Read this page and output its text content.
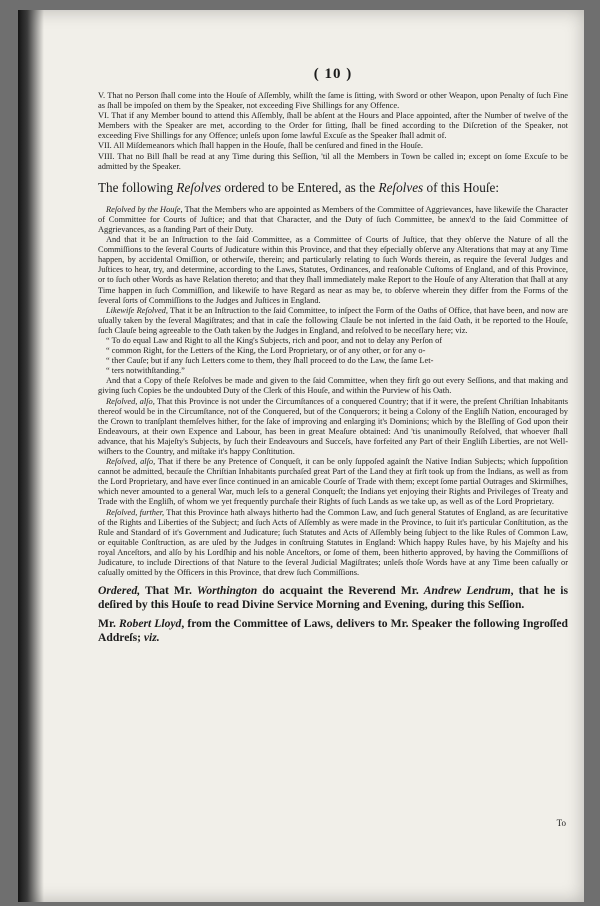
( 10 )

V. That no Person ſhall come into the Houſe of Aſſembly, whilſt the ſame is ſitting, with Sword or other Weapon, upon Penalty of ſuch Fine as ſhall be impoſed on them by the Speaker, not exceeding Five Shillings for any Offence.

VI. That if any Member bound to attend this Aſſembly, ſhall be abſent at the Hours and Place appointed, after the Number of twelve of the Members with the Speaker are met, according to the Order for ſitting, ſhall be fined according to the Diſcretion of the Speaker, not exceeding Five Shillings for any Offence; unleſs upon ſome lawful Excuſe as the Speaker ſhall admit of.

VII. All Miſdemeanors which ſhall happen in the Houſe, ſhall be cenſured and fined in the Houſe.

VIII. That no Bill ſhall be read at any Time during this Seſſion, 'til all the Members in Town be called in; except on ſome Excuſe to be admitted by the Speaker.

The following Reſolves ordered to be Entered, as the Reſolves of this Houſe:

Reſolved by the Houſe, That the Members who are appointed as Members of the Committee of Aggrievances, have likewiſe the Character of Committee for Courts of Juſtice; and that that Character, and the Duty of ſuch Committee, be annex'd to the ſaid Committee of Aggrievances, as a ſtanding Part of their Duty.

And that it be an Inſtruction to the ſaid Committee, as a Committee of Courts of Juſtice, that they obſerve the Nature of all the Commiſſions to the ſeveral Courts of Judicature within this Province, and that they eſpecially obſerve any Alterations that may at any Time happen, by accidental Omiſſion, or otherwiſe, therein; and particularly relating to ſuch Words therein, as require the ſeveral Judges and Juſtices to hear, try, and determine, according to the Laws, Statutes, Ordinances, and reaſonable Cuſtoms of England, and of this Province, or to ſuch other Words as have Relation thereto; and that they ſhall immediately make Report to the Houſe of any Alteration that ſhall at any Time happen in ſuch Commiſſion, and likewiſe to have Regard as near as may be, to obſerve wherein they differ from the Forms of the ſeveral ſorts of Commiſſions to the Judges and Juſtices in England.

Likewiſe Reſolved, That it be an Inſtruction to the ſaid Committee, to inſpect the Form of the Oaths of Office, that have been, and now are uſually taken by the ſeveral Magiſtrates; and that in caſe the following Clauſe be not inſerted in the ſaid Oath, it be reported to the Houſe, ſuch Clauſe being agreeable to the Oath taken by the Judges in England, and reſolved to be neceſſary here; viz.

“ To do equal Law and Right to all the King's Subjects, rich and poor, and not to delay any Perſon of

“ common Right, for the Letters of the King, the Lord Proprietary, or of any other, or for any o-

“ ther Cauſe; but if any ſuch Letters come to them, they ſhall proceed to do the Law, the ſame Let-

“ ters notwithſtanding.”

And that a Copy of theſe Reſolves be made and given to the ſaid Committee, when they firſt go out every Seſſions, and that making and giving ſuch Copies be the undoubted Duty of the Clerk of this Houſe, and within the Purview of his Oath.

Reſolved, alſo, That this Province is not under the Circumſtances of a conquered Country; that if it were, the preſent Chriſtian Inhabitants thereof would be in the Circumſtance, not of the Conquered, but of the Conquerors; it being a Colony of the Engliſh Nation, encouraged by the Crown to tranſplant themſelves hither, for the ſake of improving and enlarging it's Dominions; which by the Bleſſing of God upon their Endeavours, at their own Expence and Labour, has been in great Meaſure obtained: And 'tis unanimouſly Reſolved, that whoever ſhall advance, that his Majeſty's Subjects, by ſuch their Endeavours and Succeſs, have forfeited any Part of their Engliſh Liberties, are not Well-wiſhers to the Country, and miſtake it's happy Conſtitution.

Reſolved, alſo, That if there be any Pretence of Conqueſt, it can be only ſuppoſed againſt the Native Indian Subjects; which ſuppoſition cannot be admitted, becauſe the Chriſtian Inhabitants purchaſed great Part of the Land they at firſt took up from the Indians, as well as from the Lord Proprietary, and have ever ſince continued in an amicable Courſe of Trade with them; except ſome partial Outrages and Skirmiſhes, which never amounted to a general War, much leſs to a general Conqueſt; the Indians yet enjoying their Rights and Privileges of Treaty and Trade with the Engliſh, of whom we yet frequently purchaſe their Rights of ſuch Lands as we take up, as well as of the Lord Proprietary.

Reſolved, further, That this Province hath always hitherto had the Common Law, and ſuch general Statutes of England, as are ſecuritative of the Rights and Liberties of the Subject; and ſuch Acts of Aſſembly as were made in the Province, to ſuit it's particular Conſtitution, as the Rule and Standard of it's Government and Judicature; ſuch Statutes and Acts of Aſſembly being ſubject to the like Rules of Common Law, or equitable Conſtruction, as are uſed by the Judges in conſtruing Statutes in England: Which happy Rules have, by his Majeſty and his royal Anceſtors, and alſo by his Lordſhip and his noble Anceſtors, or ſome of them, been hitherto approved, by having the Commiſſions of Judicature, to include Directions of that Nature to the ſeveral Judicial Magiſtrates; unleſs thoſe Words have at any Time been caſually or caſually omitted by the Officers in this Province, that drew ſuch Commiſſions.

Ordered, That Mr. Worthington do acquaint the Reverend Mr. Andrew Lendrum, that he is deſired by this Houſe to read Divine Service Morning and Evening, during this Seſſion.

Mr. Robert Lloyd, from the Committee of Laws, delivers to Mr. Speaker the following Ingroſſed Addreſs; viz.

To
